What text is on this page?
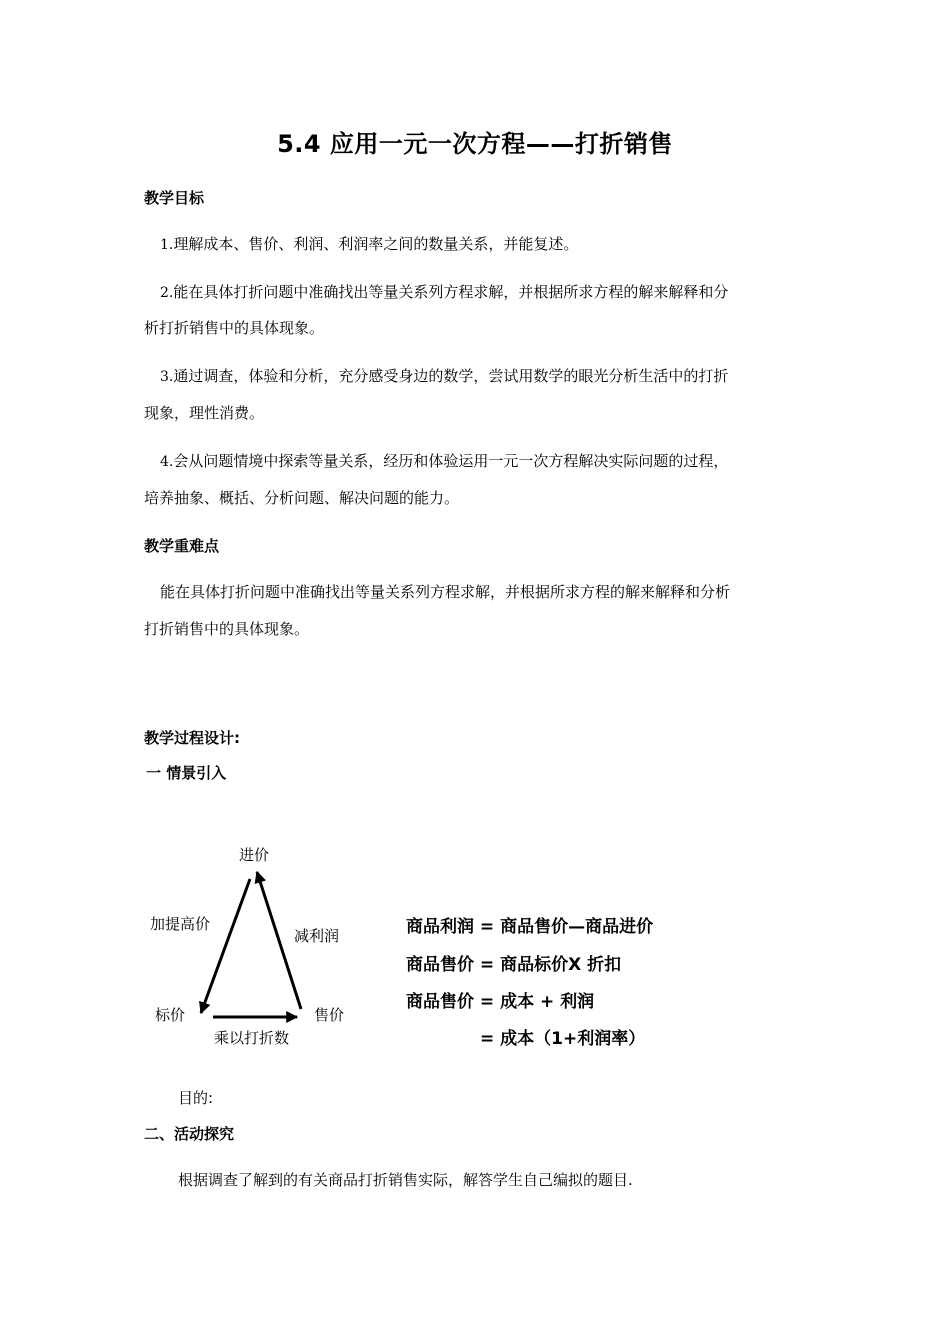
5.4 应用一元一次方程——打折销售
教学目标
1.理解成本、售价、利润、利润率之间的数量关系，并能复述。
2.能在具体打折问题中准确找出等量关系列方程求解，并根据所求方程的解来解释和分
析打折销售中的具体现象。
3.通过调查，体验和分析，充分感受身边的数学，尝试用数学的眼光分析生活中的打折
现象，理性消费。
4.会从问题情境中探索等量关系，经历和体验运用一元一次方程解决实际问题的过程，
培养抽象、概括、分析问题、解决问题的能力。
教学重难点
能在具体打折问题中准确找出等量关系列方程求解，并根据所求方程的解来解释和分析
打折销售中的具体现象。
教学过程设计:
一 情景引入
进价
加提高价
减利润
标价	售价
乘以打折数
商品利润 = 商品售价—商品进价
商品售价 = 商品标价X 折扣
商品售价 = 成本 + 利润
= 成本（1+利润率）
目的:
二、活动探究
根据调查了解到的有关商品打折销售实际，解答学生自己编拟的题目.
